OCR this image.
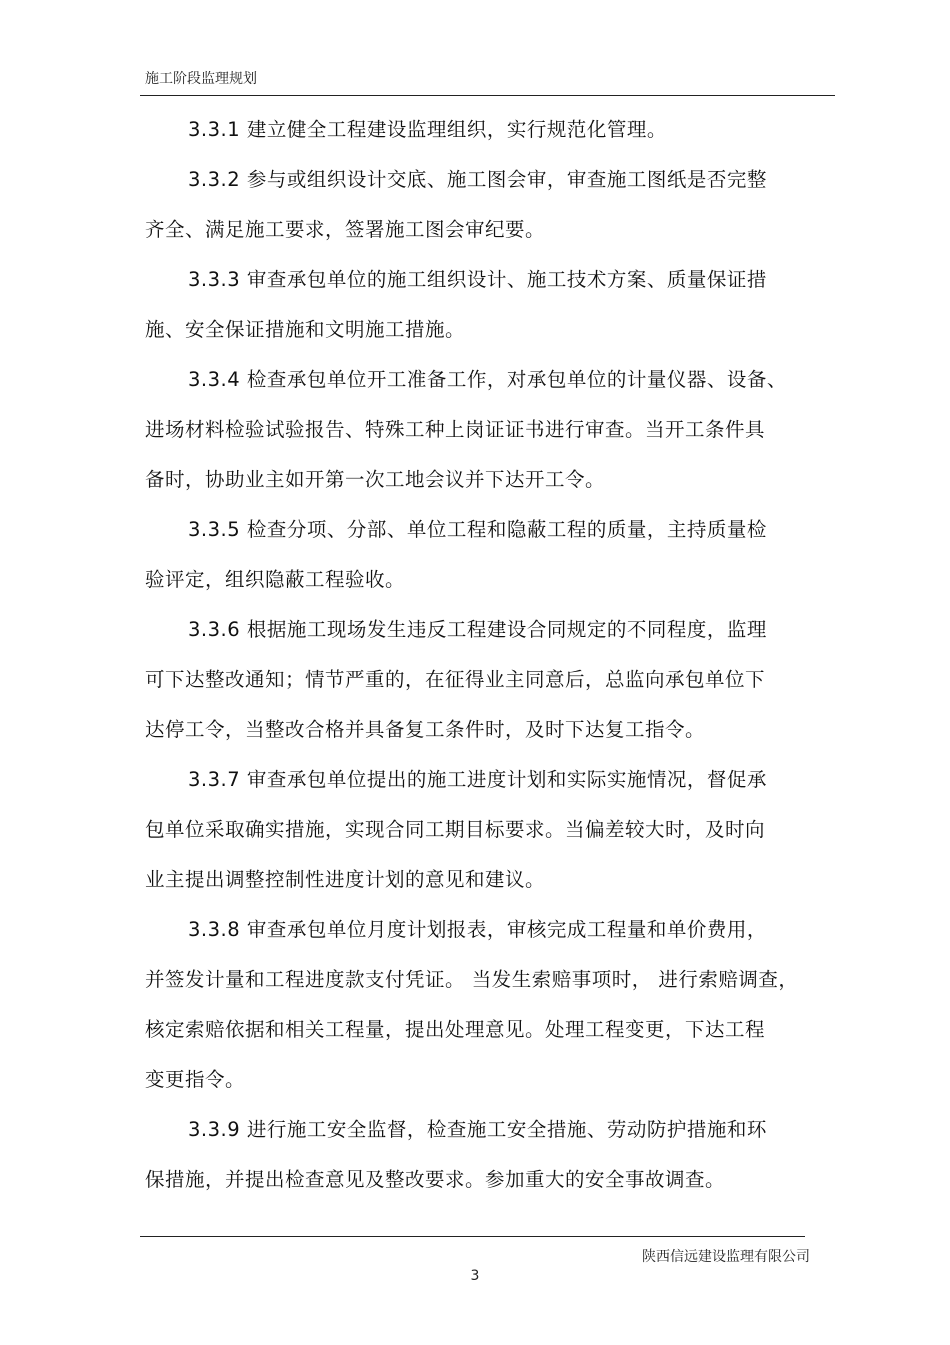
施工阶段监理规划
3.3.1 建立健全工程建设监理组织，实行规范化管理。
3.3.2 参与或组织设计交底、施工图会审，审查施工图纸是否完整
齐全、满足施工要求，签署施工图会审纪要。
3.3.3 审查承包单位的施工组织设计、施工技术方案、质量保证措
施、安全保证措施和文明施工措施。
3.3.4 检查承包单位开工准备工作，对承包单位的计量仪器、设备、
进场材料检验试验报告、特殊工种上岗证证书进行审查。当开工条件具
备时，协助业主如开第一次工地会议并下达开工令。
3.3.5 检查分项、分部、单位工程和隐蔽工程的质量，主持质量检
验评定，组织隐蔽工程验收。
3.3.6 根据施工现场发生违反工程建设合同规定的不同程度，监理
可下达整改通知；情节严重的，在征得业主同意后，总监向承包单位下
达停工令，当整改合格并具备复工条件时，及时下达复工指令。
3.3.7 审查承包单位提出的施工进度计划和实际实施情况，督促承
包单位采取确实措施，实现合同工期目标要求。当偏差较大时，及时向
业主提出调整控制性进度计划的意见和建议。
3.3.8 审查承包单位月度计划报表，审核完成工程量和单价费用，
并签发计量和工程进度款支付凭证。 当发生索赔事项时， 进行索赔调查，
核定索赔依据和相关工程量，提出处理意见。处理工程变更，下达工程
变更指令。
3.3.9 进行施工安全监督，检查施工安全措施、劳动防护措施和环
保措施，并提出检查意见及整改要求。参加重大的安全事故调查。
陕西信远建设监理有限公司
3
